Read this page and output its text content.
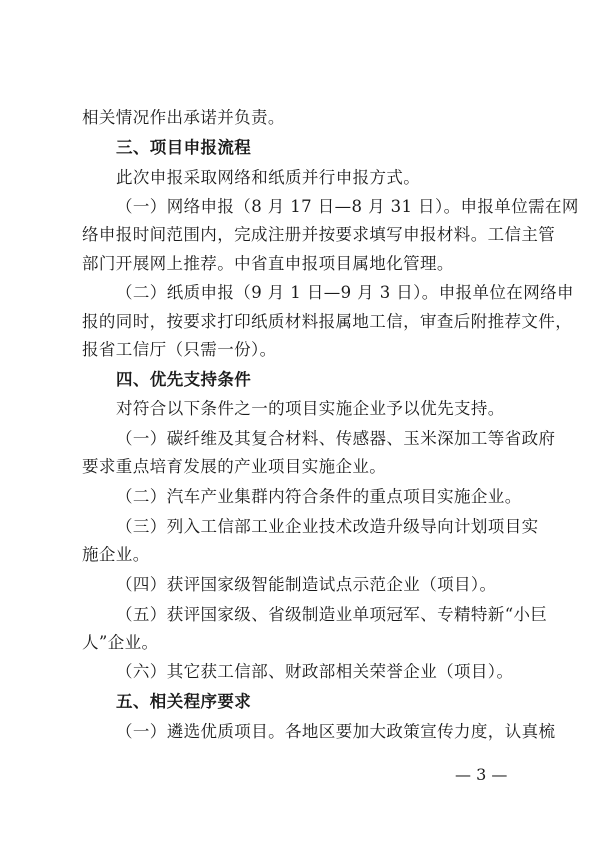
相关情况作出承诺并负责。
三、项目申报流程
此次申报采取网络和纸质并行申报方式。
（一）网络申报（8 月 17 日—8 月 31 日）。申报单位需在网
络申报时间范围内，完成注册并按要求填写申报材料。工信主管
部门开展网上推荐。中省直申报项目属地化管理。
（二）纸质申报（9 月 1 日—9 月 3 日）。申报单位在网络申
报的同时，按要求打印纸质材料报属地工信，审查后附推荐文件，
报省工信厅（只需一份）。
四、优先支持条件
对符合以下条件之一的项目实施企业予以优先支持。
（一）碳纤维及其复合材料、传感器、玉米深加工等省政府
要求重点培育发展的产业项目实施企业。
（二）汽车产业集群内符合条件的重点项目实施企业。
（三）列入工信部工业企业技术改造升级导向计划项目实
施企业。
（四）获评国家级智能制造试点示范企业（项目）。
（五）获评国家级、省级制造业单项冠军、专精特新“小巨
人”企业。
（六）其它获工信部、财政部相关荣誉企业（项目）。
五、相关程序要求
（一）遴选优质项目。各地区要加大政策宣传力度，认真梳
— 3 —
